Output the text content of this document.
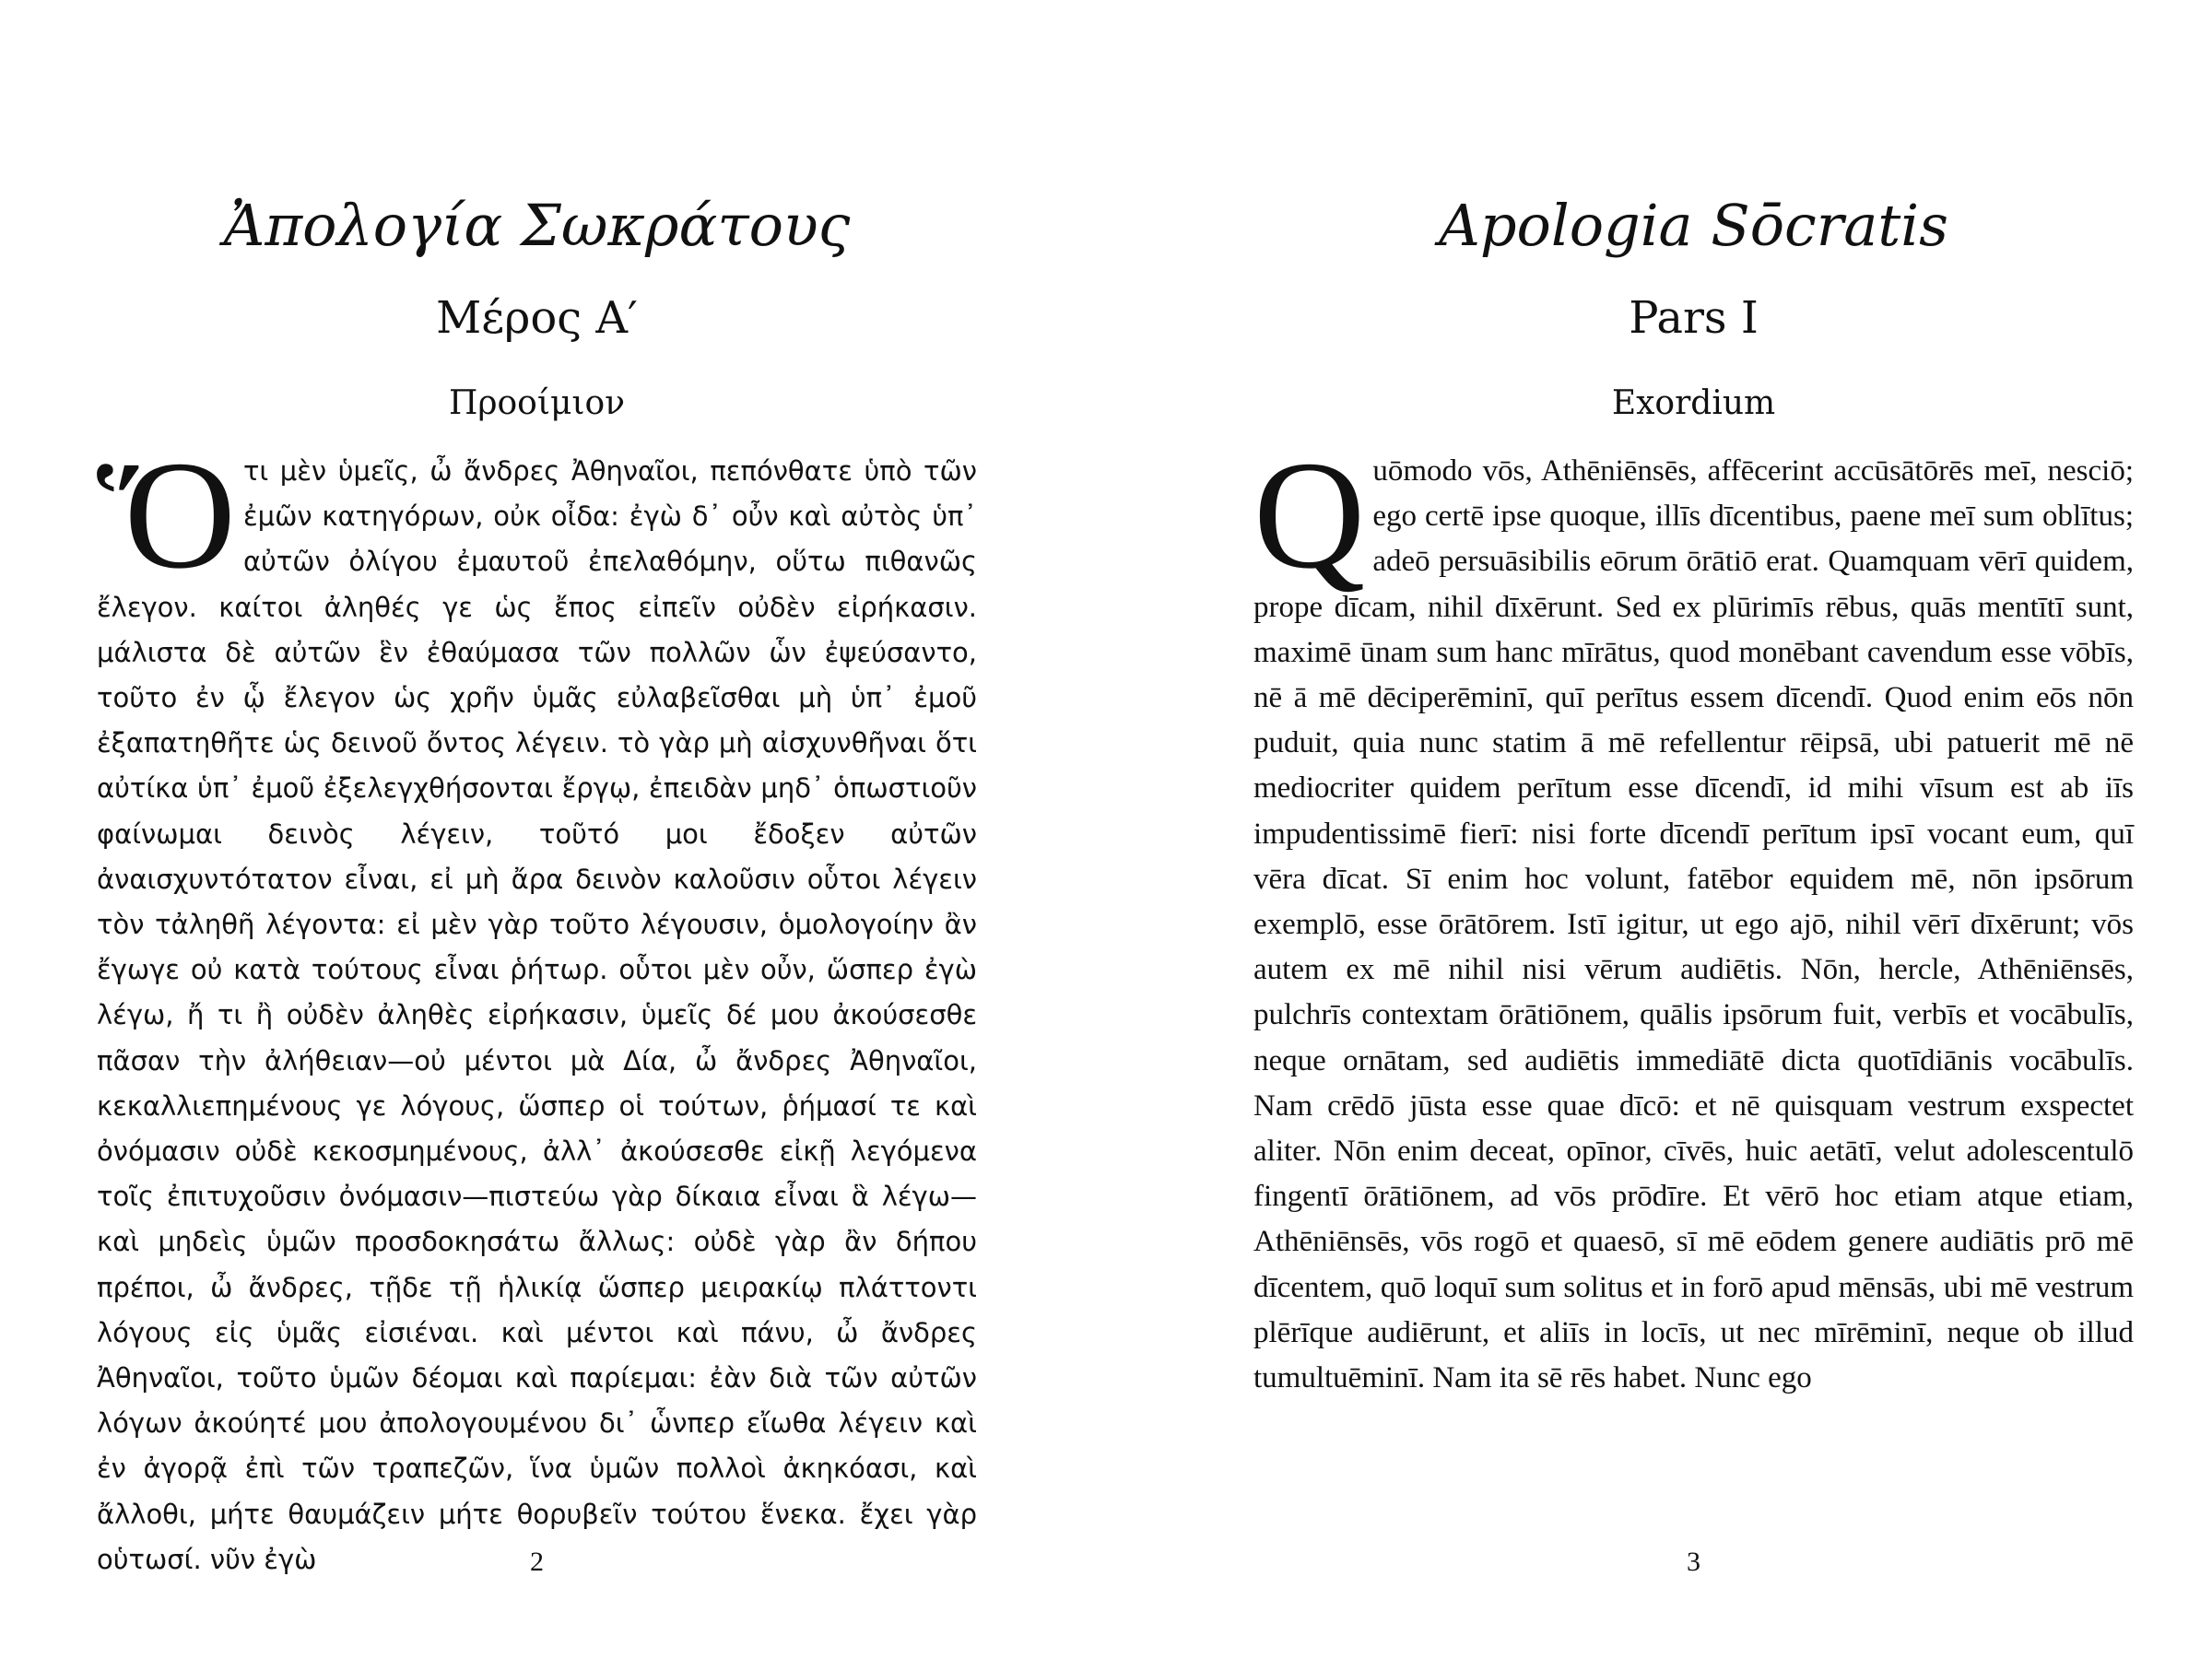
Ἀπολογία Σωκράτους
Μέρος Α′
Προοίμιον

Ὅτι μὲν ὑμεῖς, ὦ ἄνδρες Ἀθηναῖοι, πεπόνθατε ὑπὸ τῶν ἐμῶν κατηγόρων, οὐκ οἶδα: ἐγὼ δ᾽ οὖν καὶ αὐτὸς ὑπ᾽ αὐτῶν ὀλίγου ἐμαυτοῦ ἐπελαθόμην, οὕτω πιθανῶς ἔλεγον. καίτοι ἀληθές γε ὡς ἔπος εἰπεῖν οὐδὲν εἰρήκασιν. μάλιστα δὲ αὐτῶν ἓν ἐθαύμασα τῶν πολλῶν ὧν ἐψεύσαντο, τοῦτο ἐν ᾧ ἔλεγον ὡς χρῆν ὑμᾶς εὐλαβεῖσθαι μὴ ὑπ᾽ ἐμοῦ ἐξαπατηθῆτε ὡς δεινοῦ ὄντος λέγειν. τὸ γὰρ μὴ αἰσχυνθῆναι ὅτι αὐτίκα ὑπ᾽ ἐμοῦ ἐξελεγχθήσονται ἔργῳ, ἐπειδὰν μηδ᾽ ὁπωστιοῦν φαίνωμαι δεινὸς λέγειν, τοῦτό μοι ἔδοξεν αὐτῶν ἀναισχυντότατον εἶναι, εἰ μὴ ἄρα δεινὸν καλοῦσιν οὗτοι λέγειν τὸν τἀληθῆ λέγοντα: εἰ μὲν γὰρ τοῦτο λέγουσιν, ὁμολογοίην ἂν ἔγωγε οὐ κατὰ τούτους εἶναι ῥήτωρ. οὗτοι μὲν οὖν, ὥσπερ ἐγὼ λέγω, ἤ τι ἢ οὐδὲν ἀληθὲς εἰρήκασιν, ὑμεῖς δέ μου ἀκούσεσθε πᾶσαν τὴν ἀλήθειαν—οὐ μέντοι μὰ Δία, ὦ ἄνδρες Ἀθηναῖοι, κεκαλλιεπημένους γε λόγους, ὥσπερ οἱ τούτων, ῥήμασί τε καὶ ὀνόμασιν οὐδὲ κεκοσμημένους, ἀλλ᾽ ἀκούσεσθε εἰκῇ λεγόμενα τοῖς ἐπιτυχοῦσιν ὀνόμασιν—πιστεύω γὰρ δίκαια εἶναι ἃ λέγω—καὶ μηδεὶς ὑμῶν προσδοκησάτω ἄλλως: οὐδὲ γὰρ ἂν δήπου πρέποι, ὦ ἄνδρες, τῇδε τῇ ἡλικίᾳ ὥσπερ μειρακίῳ πλάττοντι λόγους εἰς ὑμᾶς εἰσιέναι. καὶ μέντοι καὶ πάνυ, ὦ ἄνδρες Ἀθηναῖοι, τοῦτο ὑμῶν δέομαι καὶ παρίεμαι: ἐὰν διὰ τῶν αὐτῶν λόγων ἀκούητέ μου ἀπολογουμένου δι᾽ ὧνπερ εἴωθα λέγειν καὶ ἐν ἀγορᾷ ἐπὶ τῶν τραπεζῶν, ἵνα ὑμῶν πολλοὶ ἀκηκόασι, καὶ ἄλλοθι, μήτε θαυμάζειν μήτε θορυβεῖν τούτου ἕνεκα. ἔχει γὰρ οὑτωσί. νῦν ἐγὼ	2
Apologia Sōcratis
Pars I
Exordium

Quōmodo vōs, Athēniēnsēs, affēcerint accūsātōrēs meī, nesciō; ego certē ipse quoque, illīs dīcentibus, paene meī sum oblītus; adeō persuāsibilis eōrum ōrātiō erat. Quamquam vērī quidem, prope dīcam, nihil dīxērunt. Sed ex plūrimīs rēbus, quās mentītī sunt, maximē ūnam sum hanc mīrātus, quod monēbant cavendum esse vōbīs, nē ā mē dēciperēminī, quī perītus essem dīcendī. Quod enim eōs nōn puduit, quia nunc statim ā mē refellentur rēipsā, ubi patuerit mē nē mediocriter quidem perītum esse dīcendī, id mihi vīsum est ab iīs impudentissimē fierī: nisi forte dīcendī perītum ipsī vocant eum, quī vēra dīcat. Sī enim hoc volunt, fatēbor equidem mē, nōn ipsōrum exemplō, esse ōrātōrem. Istī igitur, ut ego ajō, nihil vērī dīxērunt; vōs autem ex mē nihil nisi vērum audiētis. Nōn, hercle, Athēniēnsēs, pulchrīs contextam ōrātiōnem, quālis ipsōrum fuit, verbīs et vocābulīs, neque ornātam, sed audiētis immediātē dicta quotīdiānis vocābulīs. Nam crēdō jūsta esse quae dīcō: et nē quisquam vestrum exspectet aliter. Nōn enim deceat, opīnor, cīvēs, huic aetātī, velut adolescentulō fingentī ōrātiōnem, ad vōs prōdīre. Et vērō hoc etiam atque etiam, Athēniēnsēs, vōs rogō et quaesō, sī mē eōdem genere audiātis prō mē dīcentem, quō loquī sum solitus et in forō apud mēnsās, ubi mē vestrum plērīque audiērunt, et aliīs in locīs, ut nec mīrēminī, neque ob illud tumultuēminī. Nam ita sē rēs habet. Nunc ego

3
